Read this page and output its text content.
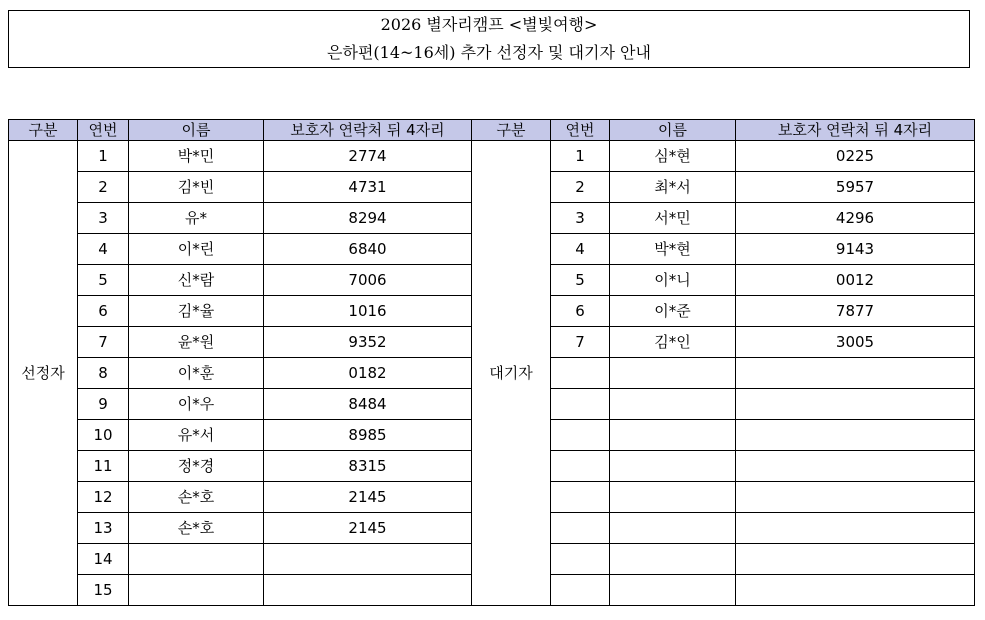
2026 별자리캠프 <별빛여행>
은하편(14~16세) 추가 선정자 및 대기자 안내
구분	연번	이름	보호자 연락처 뒤 4자리	구분	연번	이름	보호자 연락처 뒤 4자리
선정자	1	박*민	2774	대기자	1	심*현	0225
	2	김*빈	4731		2	최*서	5957
	3	유*	8294		3	서*민	4296
	4	이*린	6840		4	박*현	9143
	5	신*람	7006		5	이*니	0012
	6	김*율	1016		6	이*준	7877
	7	윤*원	9352		7	김*인	3005
	8	이*훈	0182				
	9	이*우	8484				
	10	유*서	8985				
	11	정*경	8315				
	12	손*호	2145				
	13	손*호	2145				
	14						
	15						
